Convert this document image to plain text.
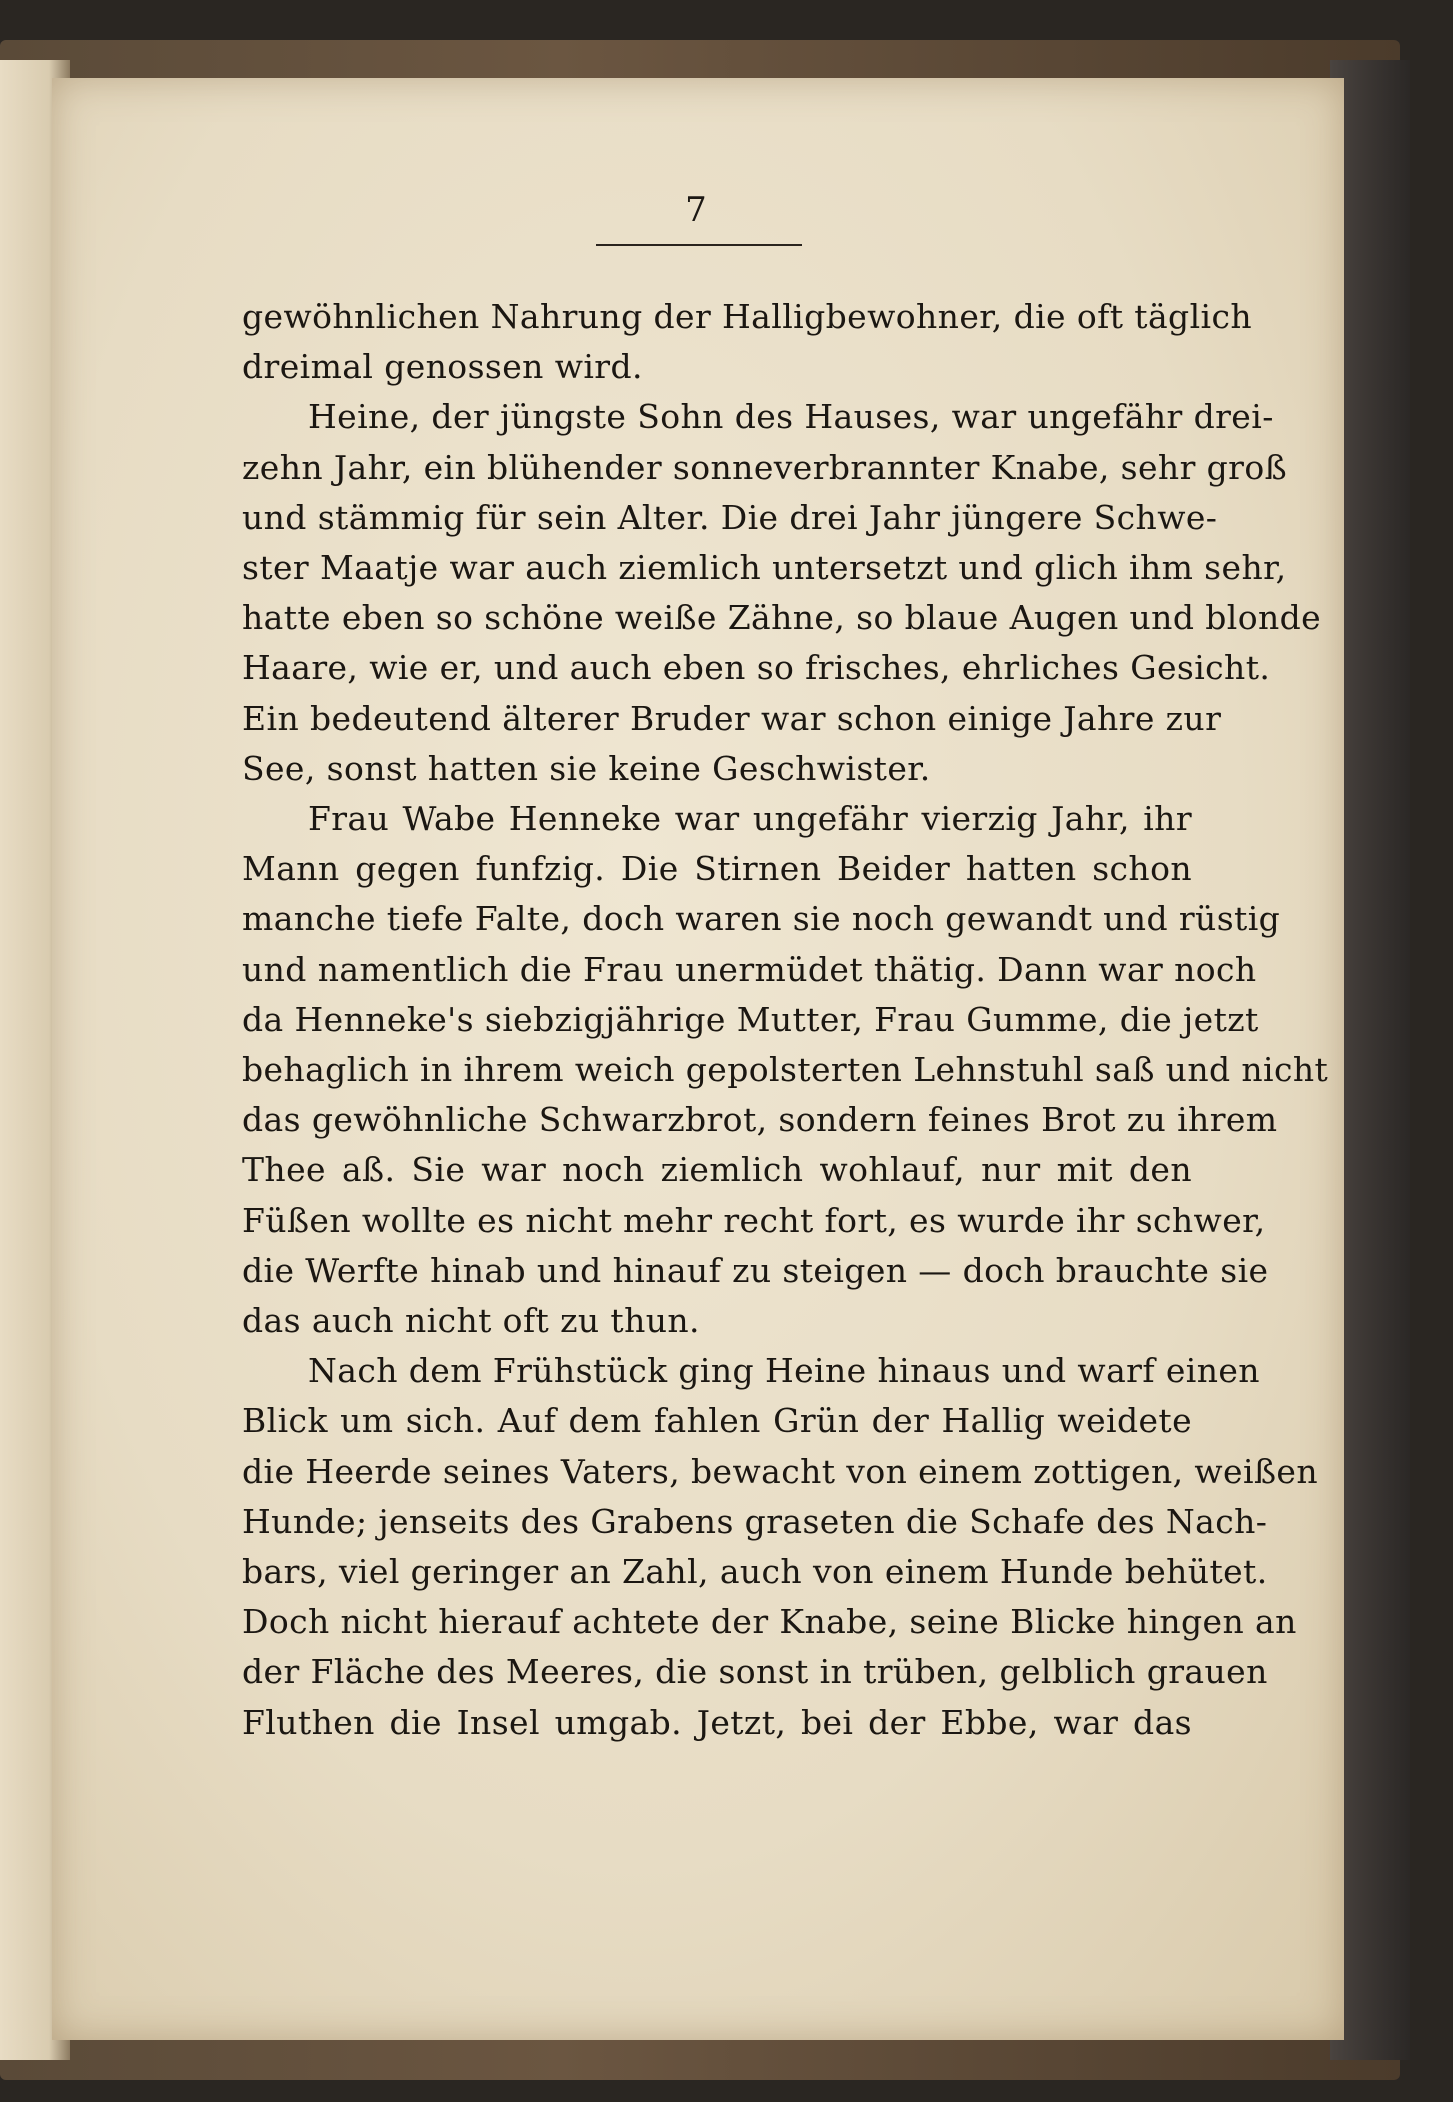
7
gewöhnlichen Nahrung der Halligbewohner, die oft täglich
dreimal genossen wird.
Heine, der jüngste Sohn des Hauses, war ungefähr drei-
zehn Jahr, ein blühender sonneverbrannter Knabe, sehr groß
und stämmig für sein Alter. Die drei Jahr jüngere Schwe-
ster Maatje war auch ziemlich untersetzt und glich ihm sehr,
hatte eben so schöne weiße Zähne, so blaue Augen und blonde
Haare, wie er, und auch eben so frisches, ehrliches Gesicht.
Ein bedeutend älterer Bruder war schon einige Jahre zur
See, sonst hatten sie keine Geschwister.
Frau Wabe Henneke war ungefähr vierzig Jahr, ihr
Mann gegen funfzig. Die Stirnen Beider hatten schon
manche tiefe Falte, doch waren sie noch gewandt und rüstig
und namentlich die Frau unermüdet thätig. Dann war noch
da Henneke's siebzigjährige Mutter, Frau Gumme, die jetzt
behaglich in ihrem weich gepolsterten Lehnstuhl saß und nicht
das gewöhnliche Schwarzbrot, sondern feines Brot zu ihrem
Thee aß. Sie war noch ziemlich wohlauf, nur mit den
Füßen wollte es nicht mehr recht fort, es wurde ihr schwer,
die Werfte hinab und hinauf zu steigen — doch brauchte sie
das auch nicht oft zu thun.
Nach dem Frühstück ging Heine hinaus und warf einen
Blick um sich. Auf dem fahlen Grün der Hallig weidete
die Heerde seines Vaters, bewacht von einem zottigen, weißen
Hunde; jenseits des Grabens graseten die Schafe des Nach-
bars, viel geringer an Zahl, auch von einem Hunde behütet.
Doch nicht hierauf achtete der Knabe, seine Blicke hingen an
der Fläche des Meeres, die sonst in trüben, gelblich grauen
Fluthen die Insel umgab. Jetzt, bei der Ebbe, war das
